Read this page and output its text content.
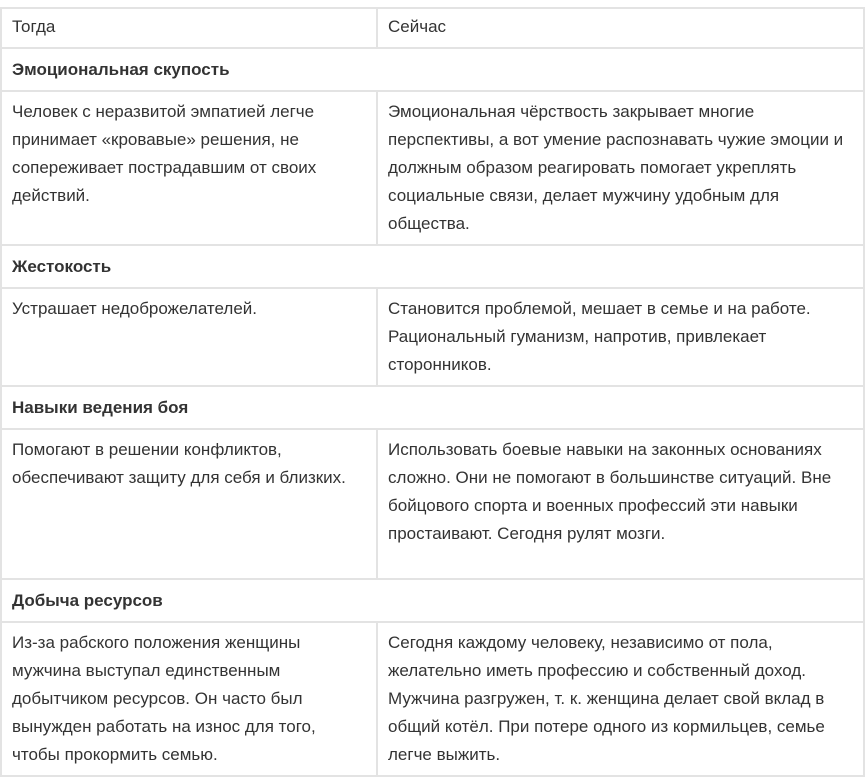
Тогда	Сейчас
Эмоциональная скупость	
Человек с неразвитой эмпатией легче принимает «кровавые» решения, не сопереживает пострадавшим от своих действий.	Эмоциональная чёрствость закрывает многие перспективы, а вот умение распознавать чужие эмоции и должным образом реагировать помогает укреплять социальные связи, делает мужчину удобным для общества.
Жестокость	
Устрашает недоброжелателей.	Становится проблемой, мешает в семье и на работе. Рациональный гуманизм, напротив, привлекает сторонников.
Навыки ведения боя	
Помогают в решении конфликтов, обеспечивают защиту для себя и близких.	Использовать боевые навыки на законных основаниях сложно. Они не помогают в большинстве ситуаций. Вне бойцового спорта и военных профессий эти навыки простаивают. Сегодня рулят мозги.
Добыча ресурсов	
Из-за рабского положения женщины мужчина выступал единственным добытчиком ресурсов. Он часто был вынужден работать на износ для того, чтобы прокормить семью.	Сегодня каждому человеку, независимо от пола, желательно иметь профессию и собственный доход. Мужчина разгружен, т. к. женщина делает свой вклад в общий котёл. При потере одного из кормильцев, семье легче выжить.
